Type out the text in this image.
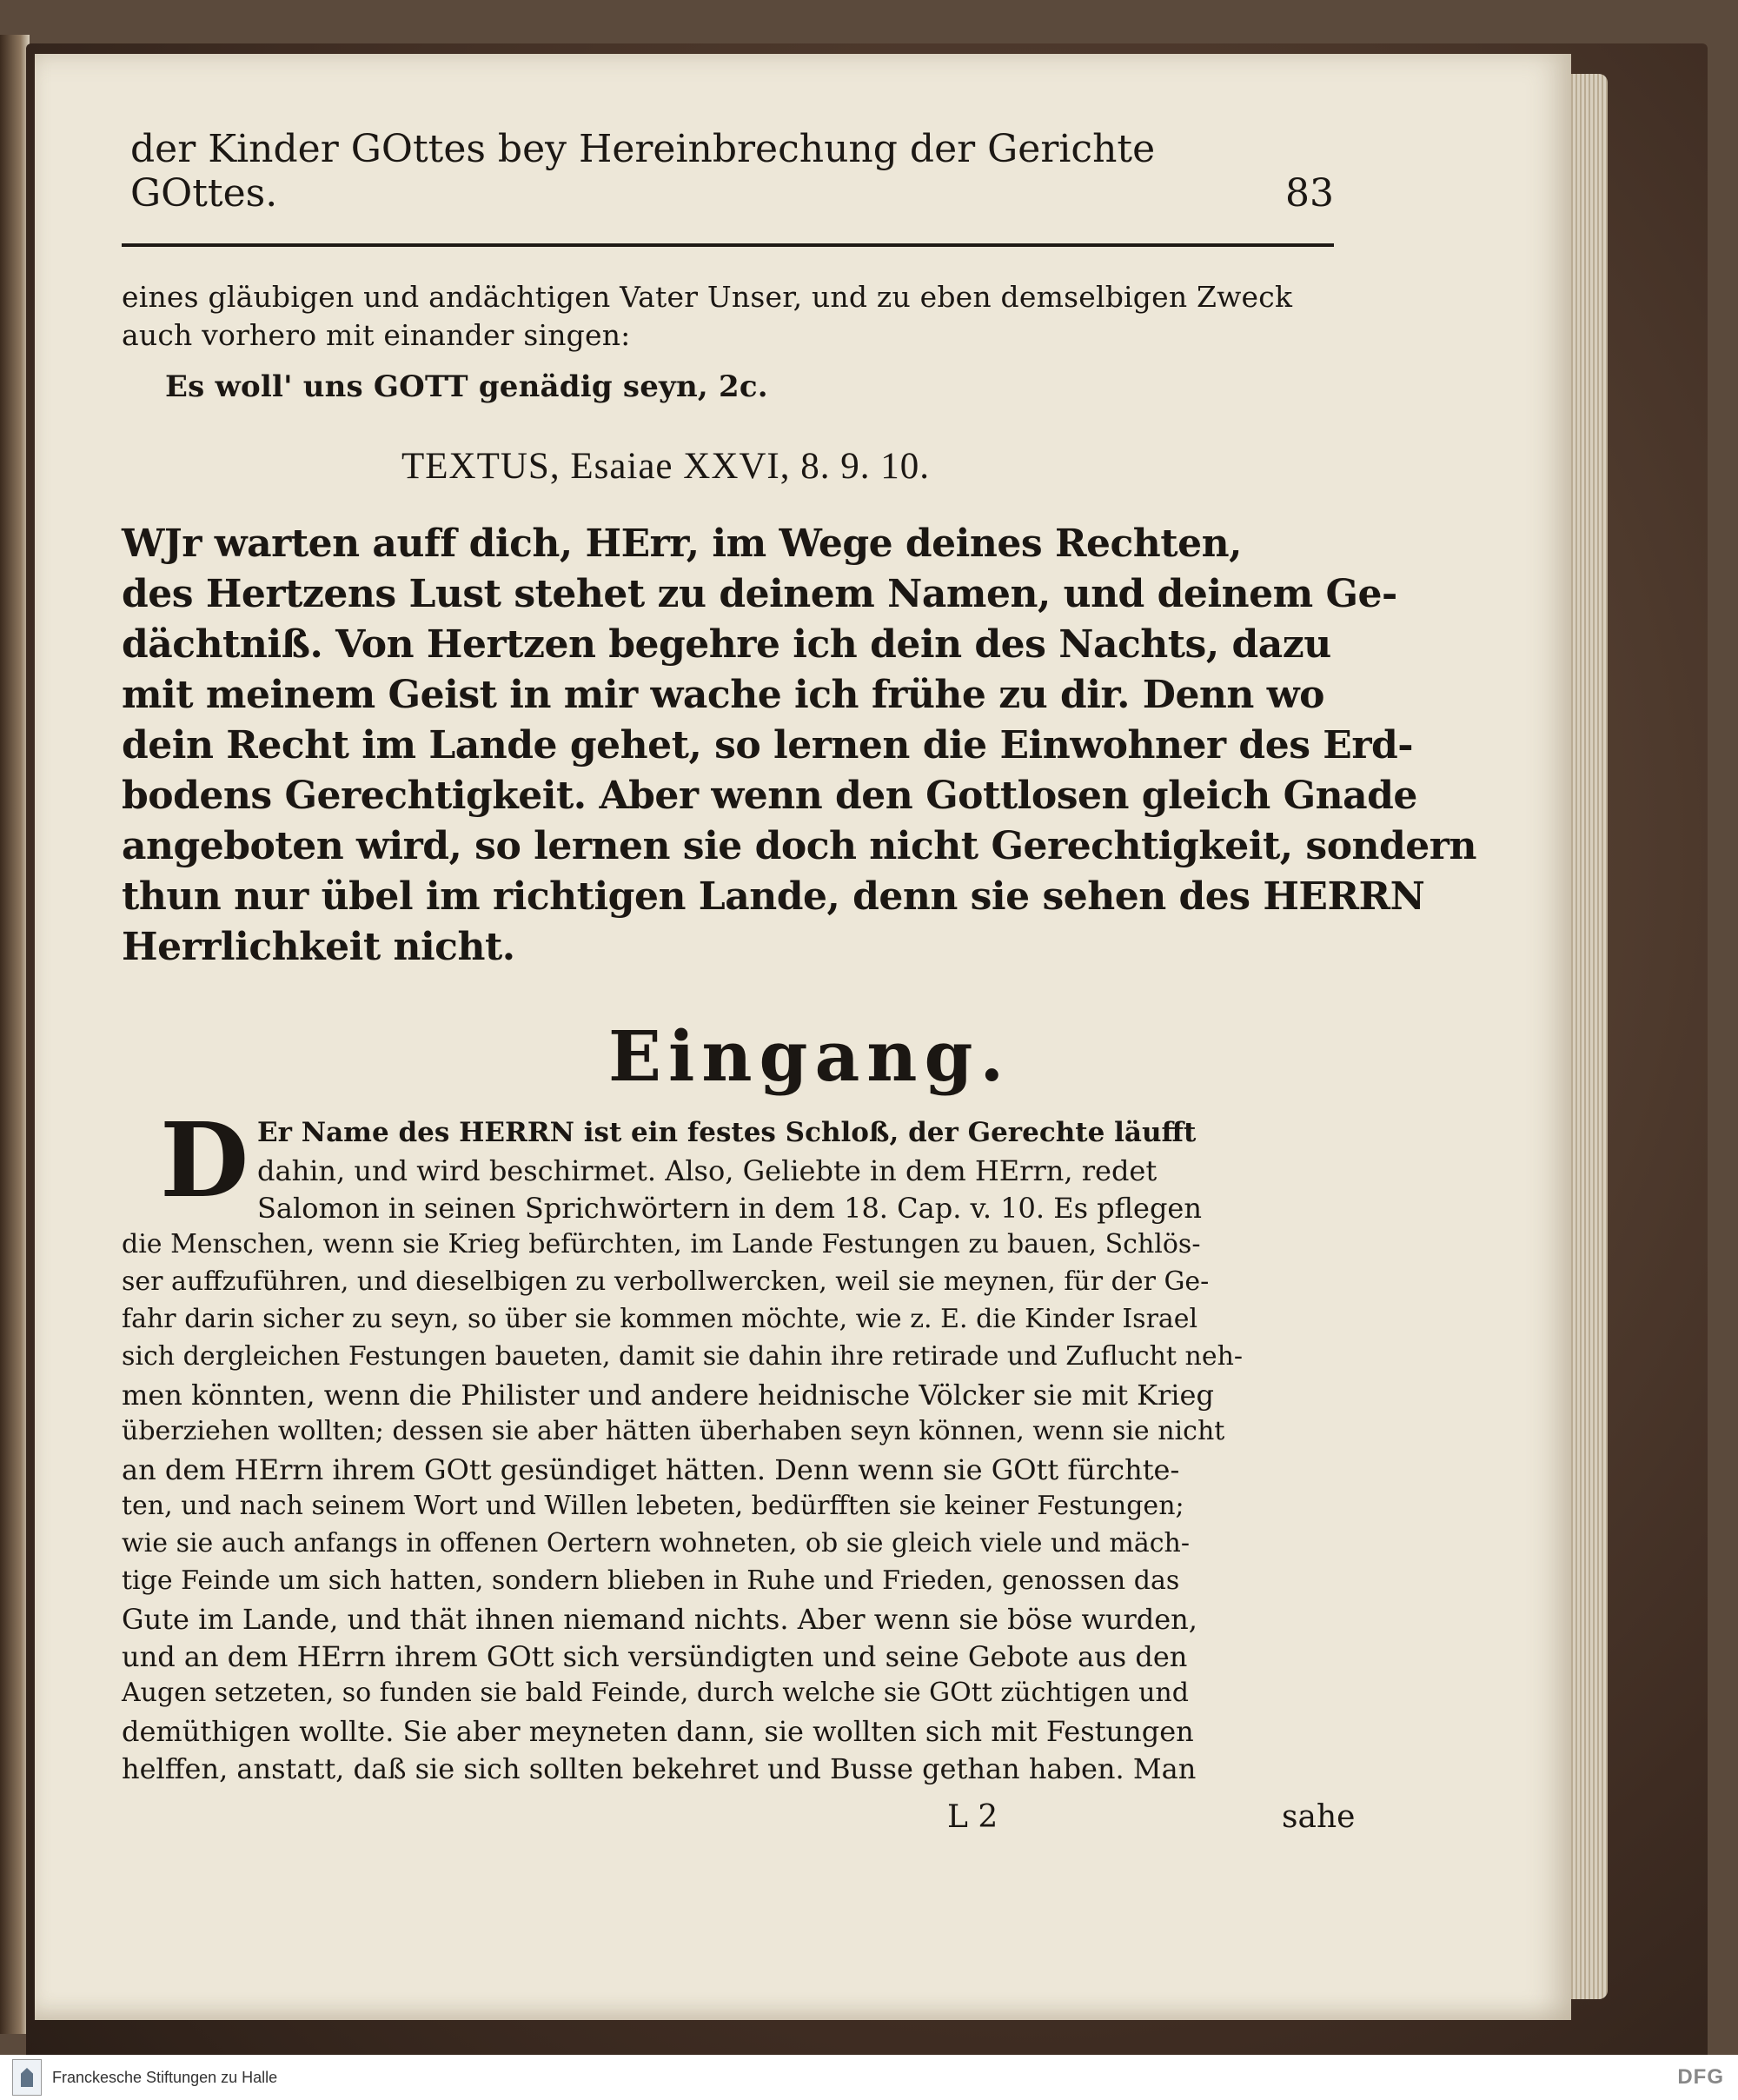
der Kinder GOttes bey Hereinbrechung der Gerichte GOttes.	83
eines gläubigen und andächtigen Vater Unser, und zu eben demselbigen Zweck
auch vorhero mit einander singen:
Es woll' uns GOTT genädig seyn, 2c.
TEXTUS, Esaiae XXVI, 8. 9. 10.
WJr warten auff dich, HErr, im Wege deines Rechten,
des Hertzens Lust stehet zu deinem Namen, und deinem Ge-
dächtniß. Von Hertzen begehre ich dein des Nachts, dazu
mit meinem Geist in mir wache ich frühe zu dir. Denn wo
dein Recht im Lande gehet, so lernen die Einwohner des Erd-
bodens Gerechtigkeit. Aber wenn den Gottlosen gleich Gnade
angeboten wird, so lernen sie doch nicht Gerechtigkeit, sondern
thun nur übel im richtigen Lande, denn sie sehen des HERRN
Herrlichkeit nicht.
Eingang.
D Er Name des HERRN ist ein festes Schloß, der Gerechte läufft
dahin, und wird beschirmet. Also, Geliebte in dem HErrn, redet
Salomon in seinen Sprichwörtern in dem 18. Cap. v. 10. Es pflegen
die Menschen, wenn sie Krieg befürchten, im Lande Festungen zu bauen, Schlös-
ser auffzuführen, und dieselbigen zu verbollwercken, weil sie meynen, für der Ge-
fahr darin sicher zu seyn, so über sie kommen möchte, wie z. E. die Kinder Israel
sich dergleichen Festungen baueten, damit sie dahin ihre retirade und Zuflucht neh-
men könnten, wenn die Philister und andere heidnische Völcker sie mit Krieg
überziehen wollten; dessen sie aber hätten überhaben seyn können, wenn sie nicht
an dem HErrn ihrem GOtt gesündiget hätten. Denn wenn sie GOtt fürchte-
ten, und nach seinem Wort und Willen lebeten, bedürfften sie keiner Festungen;
wie sie auch anfangs in offenen Oertern wohneten, ob sie gleich viele und mäch-
tige Feinde um sich hatten, sondern blieben in Ruhe und Frieden, genossen das
Gute im Lande, und thät ihnen niemand nichts. Aber wenn sie böse wurden,
und an dem HErrn ihrem GOtt sich versündigten und seine Gebote aus den
Augen setzeten, so funden sie bald Feinde, durch welche sie GOtt züchtigen und
demüthigen wollte. Sie aber meyneten dann, sie wollten sich mit Festungen
helffen, anstatt, daß sie sich sollten bekehret und Busse gethan haben. Man
L 2	sahe
Franckesche Stiftungen zu Halle	DFG
